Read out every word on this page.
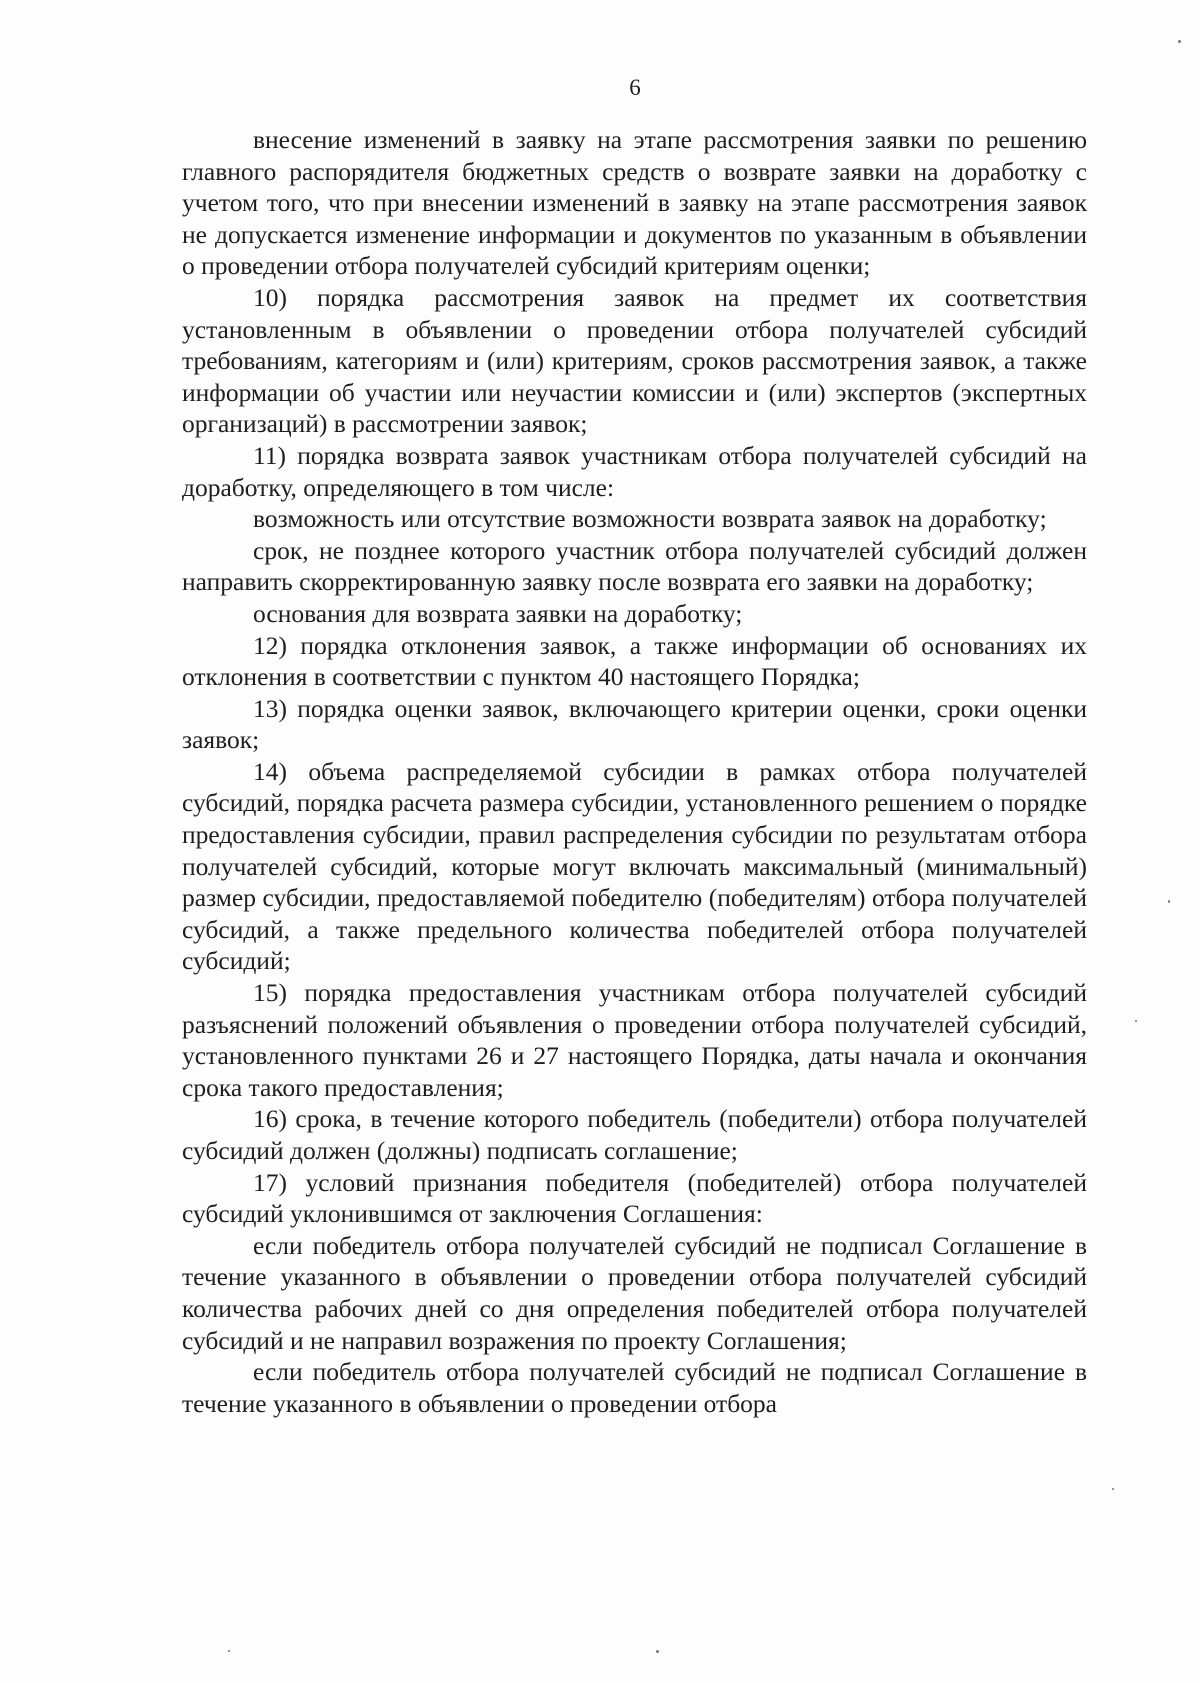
6

внесение изменений в заявку на этапе рассмотрения заявки по решению главного распорядителя бюджетных средств о возврате заявки на доработку с учетом того, что при внесении изменений в заявку на этапе рассмотрения заявок не допускается изменение информации и документов по указанным в объявлении о проведении отбора получателей субсидий критериям оценки;

10) порядка рассмотрения заявок на предмет их соответствия установленным в объявлении о проведении отбора получателей субсидий требованиям, категориям и (или) критериям, сроков рассмотрения заявок, а также информации об участии или неучастии комиссии и (или) экспертов (экспертных организаций) в рассмотрении заявок;

11) порядка возврата заявок участникам отбора получателей субсидий на доработку, определяющего в том числе:

возможность или отсутствие возможности возврата заявок на доработку;

срок, не позднее которого участник отбора получателей субсидий должен направить скорректированную заявку после возврата его заявки на доработку;

основания для возврата заявки на доработку;

12) порядка отклонения заявок, а также информации об основаниях их отклонения в соответствии с пунктом 40 настоящего Порядка;

13) порядка оценки заявок, включающего критерии оценки, сроки оценки заявок;

14) объема распределяемой субсидии в рамках отбора получателей субсидий, порядка расчета размера субсидии, установленного решением о порядке предоставления субсидии, правил распределения субсидии по результатам отбора получателей субсидий, которые могут включать максимальный (минимальный) размер субсидии, предоставляемой победителю (победителям) отбора получателей субсидий, а также предельного количества победителей отбора получателей субсидий;

15) порядка предоставления участникам отбора получателей субсидий разъяснений положений объявления о проведении отбора получателей субсидий, установленного пунктами 26 и 27 настоящего Порядка, даты начала и окончания срока такого предоставления;

16) срока, в течение которого победитель (победители) отбора получателей субсидий должен (должны) подписать соглашение;

17) условий признания победителя (победителей) отбора получателей субсидий уклонившимся от заключения Соглашения:

если победитель отбора получателей субсидий не подписал Соглашение в течение указанного в объявлении о проведении отбора получателей субсидий количества рабочих дней со дня определения победителей отбора получателей субсидий и не направил возражения по проекту Соглашения;

если победитель отбора получателей субсидий не подписал Соглашение в течение указанного в объявлении о проведении отбора
